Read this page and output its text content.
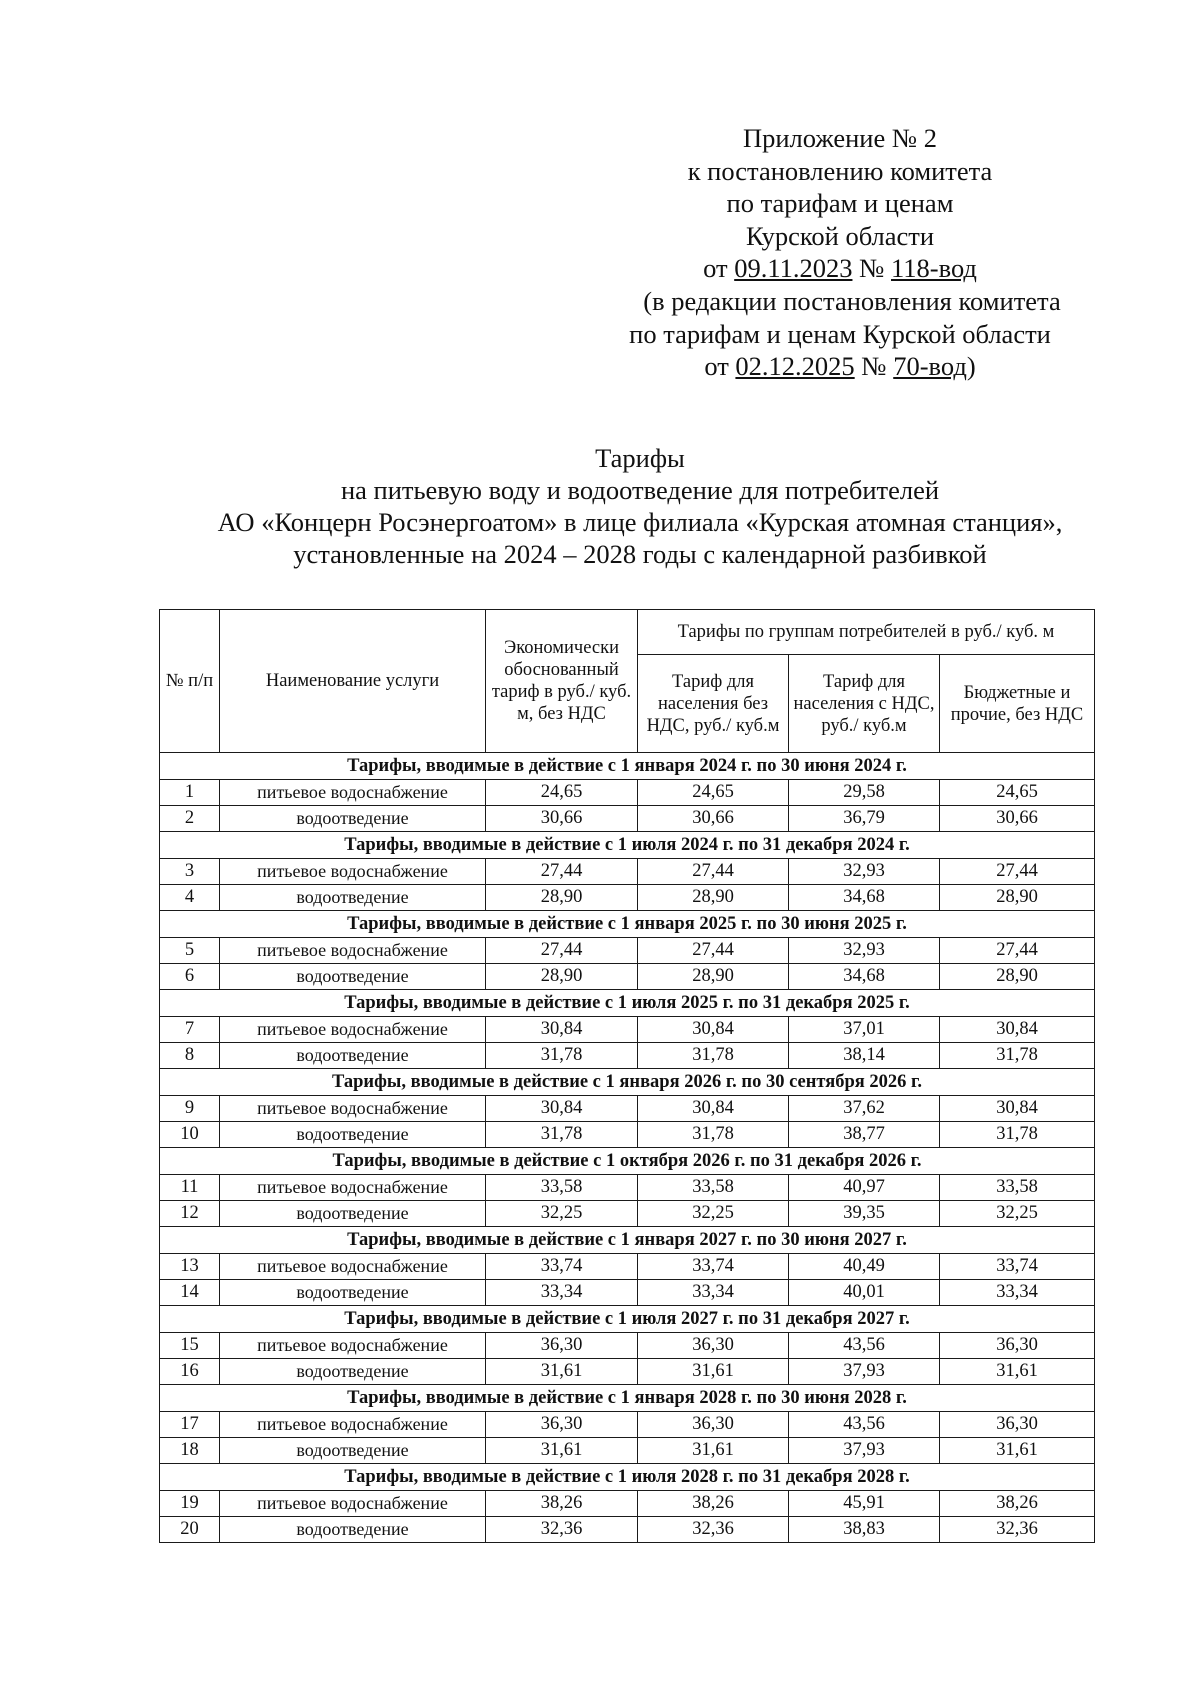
Приложение № 2
к постановлению комитета
по тарифам и ценам
Курской области
от 09.11.2023 № 118-вод
(в редакции постановления комитета
по тарифам и ценам Курской области
от 02.12.2025 № 70-вод)
Тарифы
на питьевую воду и водоотведение для потребителей
АО «Концерн Росэнергоатом» в лице филиала «Курская атомная станция»,
установленные на 2024 – 2028 годы с календарной разбивкой
№ п/п	Наименование услуги	Экономически обоснованный тариф в руб./ куб. м, без НДС	Тарифы по группам потребителей в руб./ куб. м		
			Тариф для населения без НДС, руб./ куб.м	Тариф для населения с НДС, руб./ куб.м	Бюджетные и прочие, без НДС
Тарифы, вводимые в действие с 1 января 2024 г. по 30 июня 2024 г.					
1	питьевое водоснабжение	24,65	24,65	29,58	24,65
2	водоотведение	30,66	30,66	36,79	30,66
Тарифы, вводимые в действие с 1 июля 2024 г. по 31 декабря 2024 г.					
3	питьевое водоснабжение	27,44	27,44	32,93	27,44
4	водоотведение	28,90	28,90	34,68	28,90
Тарифы, вводимые в действие с 1 января 2025 г. по 30 июня 2025 г.					
5	питьевое водоснабжение	27,44	27,44	32,93	27,44
6	водоотведение	28,90	28,90	34,68	28,90
Тарифы, вводимые в действие с 1 июля 2025 г. по 31 декабря 2025 г.					
7	питьевое водоснабжение	30,84	30,84	37,01	30,84
8	водоотведение	31,78	31,78	38,14	31,78
Тарифы, вводимые в действие с 1 января 2026 г. по 30 сентября 2026 г.					
9	питьевое водоснабжение	30,84	30,84	37,62	30,84
10	водоотведение	31,78	31,78	38,77	31,78
Тарифы, вводимые в действие с 1 октября 2026 г. по 31 декабря 2026 г.					
11	питьевое водоснабжение	33,58	33,58	40,97	33,58
12	водоотведение	32,25	32,25	39,35	32,25
Тарифы, вводимые в действие с 1 января 2027 г. по 30 июня 2027 г.					
13	питьевое водоснабжение	33,74	33,74	40,49	33,74
14	водоотведение	33,34	33,34	40,01	33,34
Тарифы, вводимые в действие с 1 июля 2027 г. по 31 декабря 2027 г.					
15	питьевое водоснабжение	36,30	36,30	43,56	36,30
16	водоотведение	31,61	31,61	37,93	31,61
Тарифы, вводимые в действие с 1 января 2028 г. по 30 июня 2028 г.					
17	питьевое водоснабжение	36,30	36,30	43,56	36,30
18	водоотведение	31,61	31,61	37,93	31,61
Тарифы, вводимые в действие с 1 июля 2028 г. по 31 декабря 2028 г.					
19	питьевое водоснабжение	38,26	38,26	45,91	38,26
20	водоотведение	32,36	32,36	38,83	32,36
